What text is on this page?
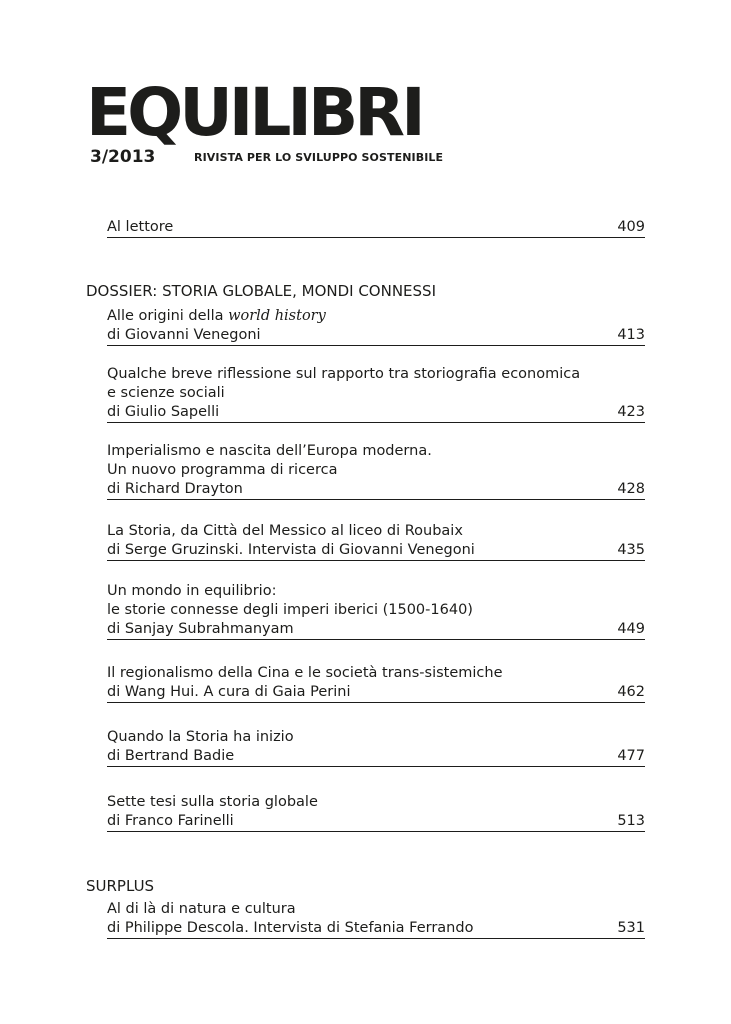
EQUILIBRI
3/2013	RIVISTA PER LO SVILUPPO SOSTENIBILE
Al lettore	409
DOSSIER: STORIA GLOBALE, MONDI CONNESSI
Alle origini della world history
di Giovanni Venegoni	413
Qualche breve riflessione sul rapporto tra storiografia economica
e scienze sociali
di Giulio Sapelli	423
Imperialismo e nascita dell’Europa moderna.
Un nuovo programma di ricerca
di Richard Drayton	428
La Storia, da Città del Messico al liceo di Roubaix
di Serge Gruzinski. Intervista di Giovanni Venegoni	435
Un mondo in equilibrio:
le storie connesse degli imperi iberici (1500-1640)
di Sanjay Subrahmanyam	449
Il regionalismo della Cina e le società trans-sistemiche
di Wang Hui. A cura di Gaia Perini	462
Quando la Storia ha inizio
di Bertrand Badie	477
Sette tesi sulla storia globale
di Franco Farinelli	513
SURPLUS
Al di là di natura e cultura
di Philippe Descola. Intervista di Stefania Ferrando	531
